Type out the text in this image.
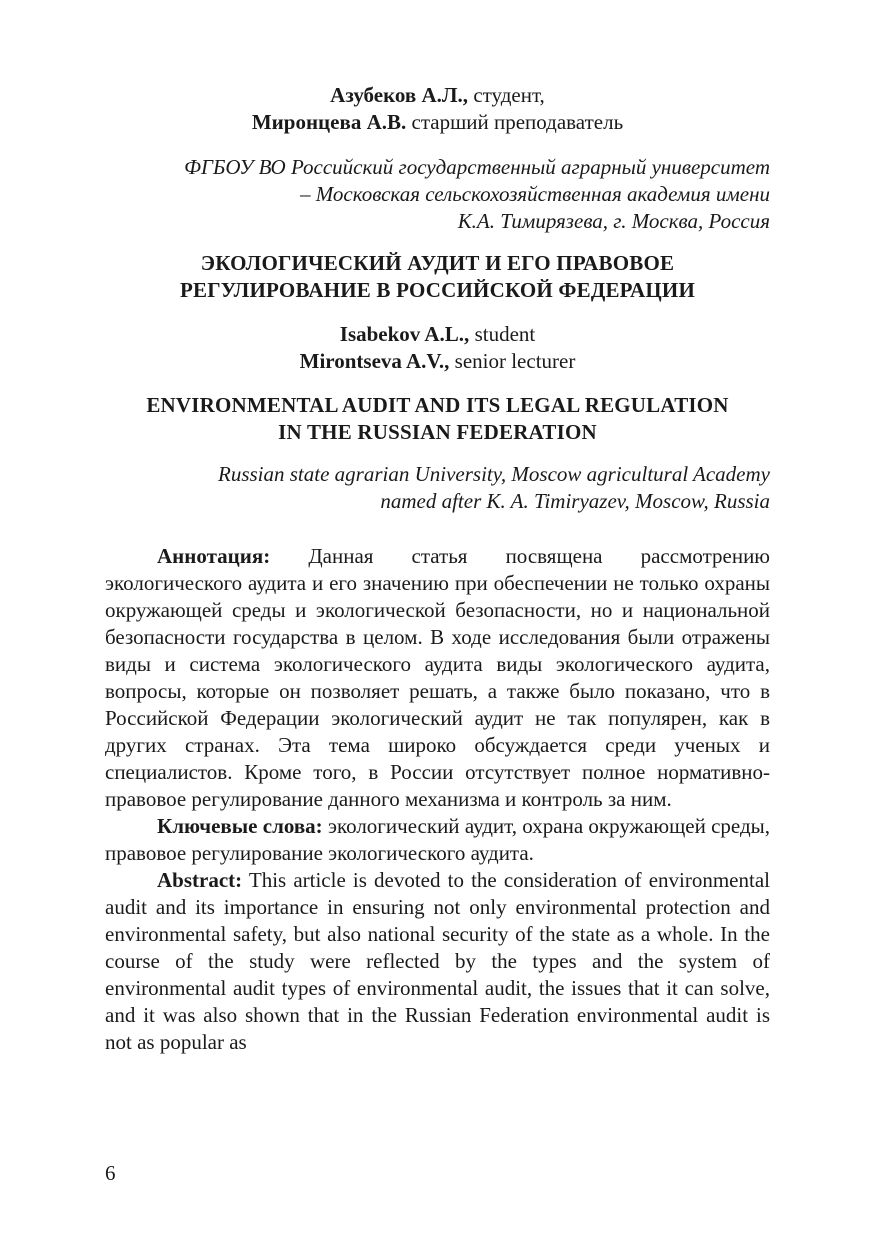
Азубеков А.Л., студент,
Миронцева А.В. старший преподаватель
ФГБОУ ВО Российский государственный аграрный университет
– Московская сельскохозяйственная академия имени
К.А. Тимирязева, г. Москва, Россия
ЭКОЛОГИЧЕСКИЙ АУДИТ И ЕГО ПРАВОВОЕ
РЕГУЛИРОВАНИЕ В РОССИЙСКОЙ ФЕДЕРАЦИИ
Isabekov A.L., student
Mirontseva A.V., senior lecturer
ENVIRONMENTAL AUDIT AND ITS LEGAL REGULATION
IN THE RUSSIAN FEDERATION
Russian state agrarian University, Moscow agricultural Academy
named after K. A. Timiryazev, Moscow, Russia

Аннотация: Данная статья посвящена рассмотрению экологического аудита и его значению при обеспечении не только охраны окружающей среды и экологической безопасности, но и национальной безопасности государства в целом. В ходе исследования были отражены виды и система экологического аудита виды экологического аудита, вопросы, которые он позволяет решать, а также было показано, что в Российской Федерации экологический аудит не так популярен, как в других странах. Эта тема широко обсуждается среди ученых и специалистов. Кроме того, в России отсутствует полное нормативно-правовое регулирование данного механизма и контроль за ним.

Ключевые слова: экологический аудит, охрана окружающей среды, правовое регулирование экологического аудита.

Abstract: This article is devoted to the consideration of environmental audit and its importance in ensuring not only environmental protection and environmental safety, but also national security of the state as a whole. In the course of the study were reflected by the types and the system of environmental audit types of environmental audit, the issues that it can solve, and it was also shown that in the Russian Federation environmental audit is not as popular as

6
